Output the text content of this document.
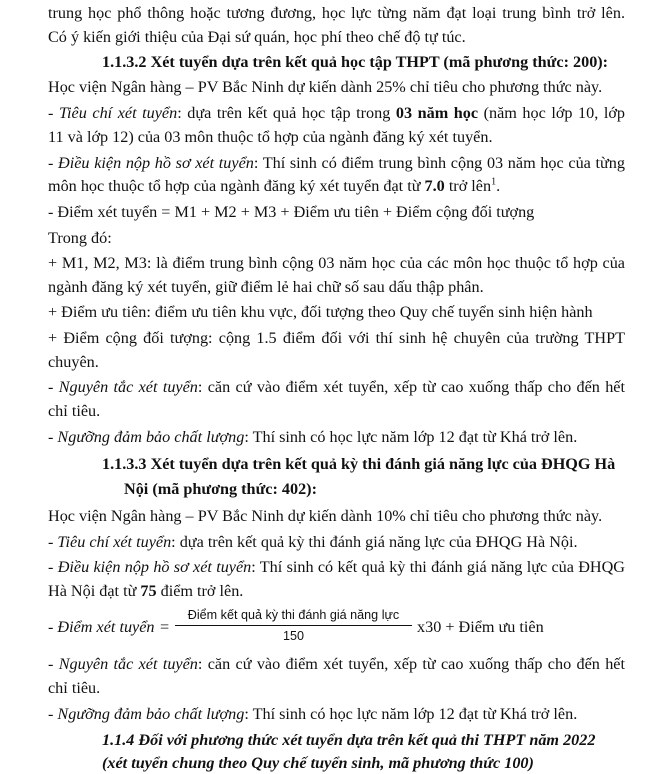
trung học phổ thông hoặc tương đương, học lực từng năm đạt loại trung bình trở lên.
Có ý kiến giới thiệu của Đại sứ quán, học phí theo chế độ tự túc.
1.1.3.2 Xét tuyển dựa trên kết quả học tập THPT (mã phương thức: 200):
Học viện Ngân hàng – PV Bắc Ninh dự kiến dành 25% chỉ tiêu cho phương thức này.
- Tiêu chí xét tuyển: dựa trên kết quả học tập trong 03 năm học (năm học lớp 10, lớp
11 và lớp 12) của 03 môn thuộc tổ hợp của ngành đăng ký xét tuyển.
- Điều kiện nộp hồ sơ xét tuyển: Thí sinh có điểm trung bình cộng 03 năm học của từng
môn học thuộc tổ hợp của ngành đăng ký xét tuyển đạt từ 7.0 trở lên$^1$.
- Điểm xét tuyển = M1 + M2 + M3 + Điểm ưu tiên + Điểm cộng đối tượng
Trong đó:
+ M1, M2, M3: là điểm trung bình cộng 03 năm học của các môn học thuộc tổ hợp của
ngành đăng ký xét tuyển, giữ điểm lẻ hai chữ số sau dấu thập phân.
+ Điểm ưu tiên: điểm ưu tiên khu vực, đối tượng theo Quy chế tuyển sinh hiện hành
+ Điểm cộng đối tượng: cộng 1.5 điểm đối với thí sinh hệ chuyên của trường THPT
chuyên.
- Nguyên tắc xét tuyển: căn cứ vào điểm xét tuyển, xếp từ cao xuống thấp cho đến hết
chỉ tiêu.
- Ngưỡng đảm bảo chất lượng: Thí sinh có học lực năm lớp 12 đạt từ Khá trở lên.
1.1.3.3 Xét tuyển dựa trên kết quả kỳ thi đánh giá năng lực của ĐHQG Hà
Nội (mã phương thức: 402):
Học viện Ngân hàng – PV Bắc Ninh dự kiến dành 10% chỉ tiêu cho phương thức này.
- Tiêu chí xét tuyển: dựa trên kết quả kỳ thi đánh giá năng lực của ĐHQG Hà Nội.
- Điều kiện nộp hồ sơ xét tuyển: Thí sinh có kết quả kỳ thi đánh giá năng lực của ĐHQG
Hà Nội đạt từ 75 điểm trở lên.
- Điểm xét tuyển =
Điểm kết quả kỳ thi đánh giá năng lực
150	x30 + Điểm ưu tiên
- Nguyên tắc xét tuyển: căn cứ vào điểm xét tuyển, xếp từ cao xuống thấp cho đến hết
chỉ tiêu.
- Ngưỡng đảm bảo chất lượng: Thí sinh có học lực năm lớp 12 đạt từ Khá trở lên.
1.1.4 Đối với phương thức xét tuyển dựa trên kết quả thi THPT năm 2022
(xét tuyển chung theo Quy chế tuyển sinh, mã phương thức 100)
